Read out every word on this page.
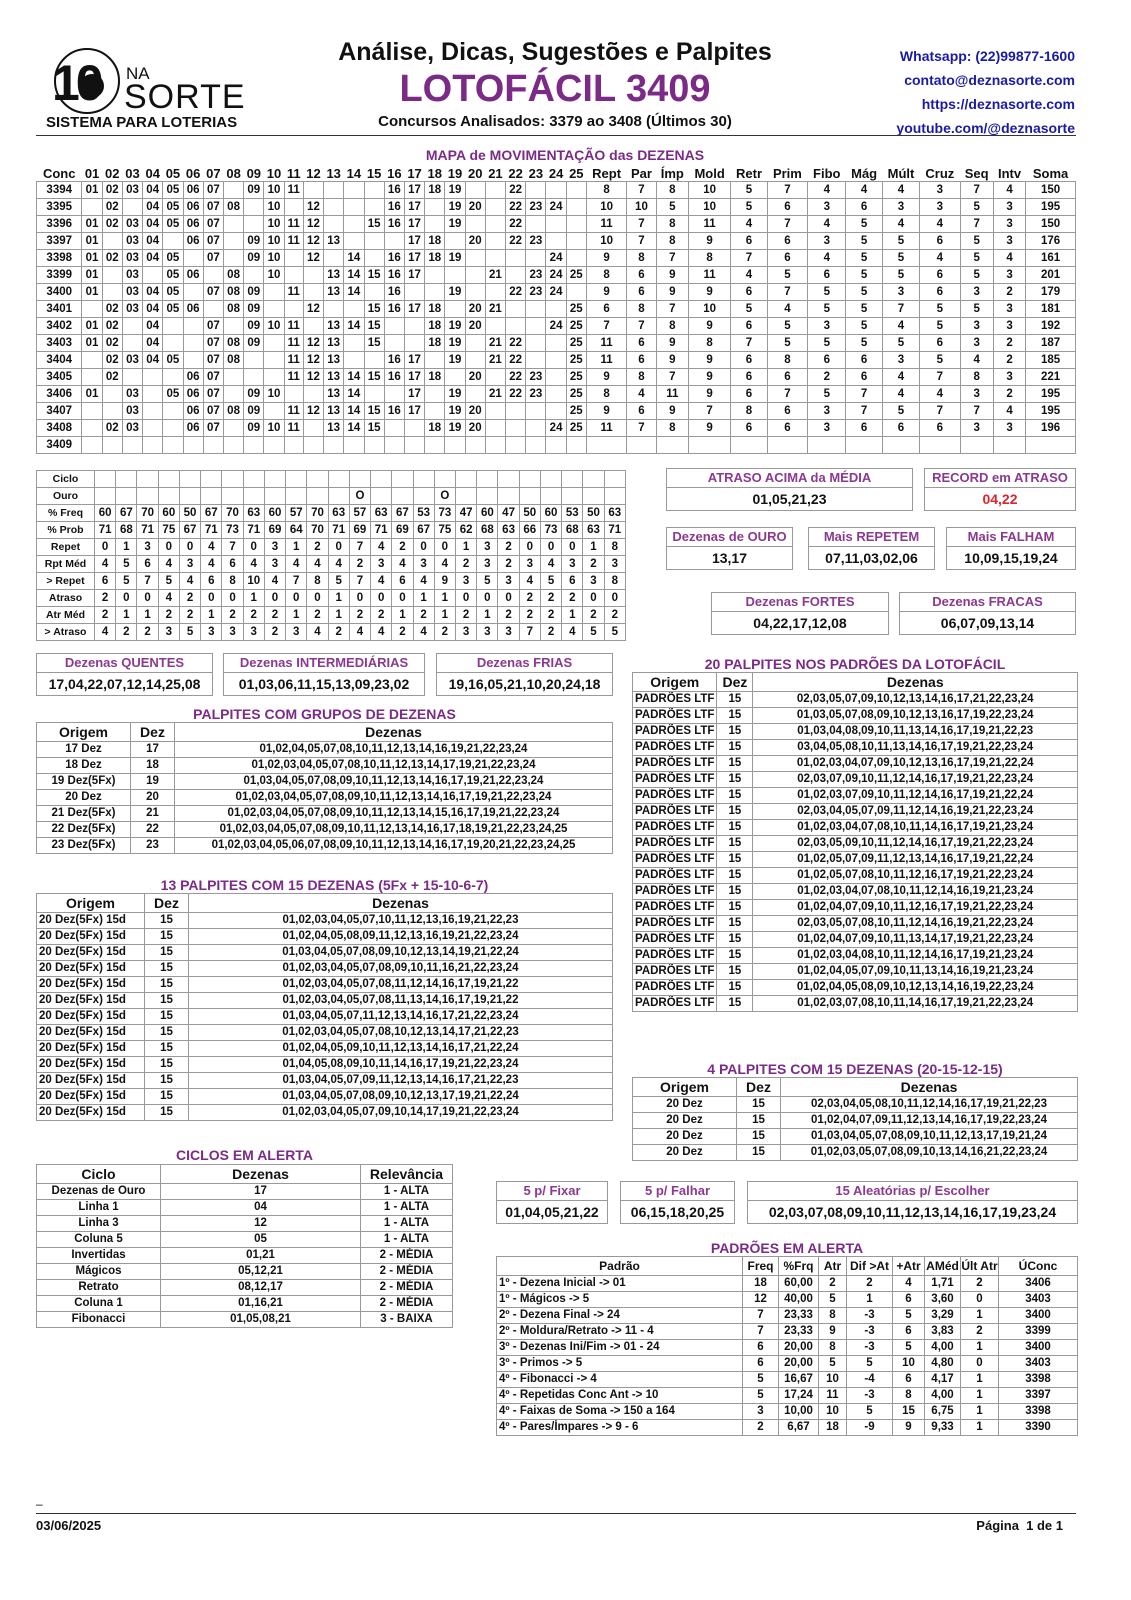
10 NA
SORTE
SISTEMA PARA LOTERIAS
Análise, Dicas, Sugestões e Palpites
LOTOFÁCIL 3409
Concursos Analisados: 3379 ao 3408 (Últimos 30)
Whatsapp: (22)99877-1600
contato@deznasorte.com
https://deznasorte.com
youtube.com/@deznasorte
MAPA de MOVIMENTAÇÃO das DEZENAS
Conc	01	02	03	04	05	06	07	08	09	10	11	12	13	14	15	16	17	18	19	20	21	22	23	24	25	Rept	Par	Ímp	Mold	Retr	Prim	Fibo	Mág	Múlt	Cruz	Seq	Intv	Soma
3394	01	02	03	04	05	06	07		09	10	11					16	17	18	19			22				8	7	8	10	5	7	4	4	4	3	7	4	150
3395		02		04	05	06	07	08		10		12				16	17		19	20		22	23	24		10	10	5	10	5	6	3	6	3	3	5	3	195
3396	01	02	03	04	05	06	07			10	11	12			15	16	17		19			22				11	7	8	11	4	7	4	5	4	4	7	3	150
3397	01		03	04		06	07		09	10	11	12	13				17	18		20		22	23			10	7	8	9	6	6	3	5	5	6	5	3	176
3398	01	02	03	04	05		07		09	10		12		14		16	17	18	19					24		9	8	7	8	7	6	4	5	5	4	5	4	161
3399	01		03		05	06		08		10			13	14	15	16	17				21		23	24	25	8	6	9	11	4	5	6	5	5	6	5	3	201
3400	01		03	04	05		07	08	09		11		13	14		16			19			22	23	24		9	6	9	9	6	7	5	5	3	6	3	2	179
3401		02	03	04	05	06		08	09			12			15	16	17	18		20	21				25	6	8	7	10	5	4	5	5	7	5	5	3	181
3402	01	02		04			07		09	10	11		13	14	15			18	19	20				24	25	7	7	8	9	6	5	3	5	4	5	3	3	192
3403	01	02		04			07	08	09		11	12	13		15			18	19		21	22			25	11	6	9	8	7	5	5	5	5	6	3	2	187
3404		02	03	04	05		07	08			11	12	13			16	17		19		21	22			25	11	6	9	9	6	8	6	6	3	5	4	2	185
3405		02				06	07				11	12	13	14	15	16	17	18		20		22	23		25	9	8	7	9	6	6	2	6	4	7	8	3	221
3406	01		03		05	06	07		09	10			13	14			17		19		21	22	23		25	8	4	11	9	6	7	5	7	4	4	3	2	195
3407			03			06	07	08	09		11	12	13	14	15	16	17		19	20					25	9	6	9	7	8	6	3	7	5	7	7	4	195
3408		02	03			06	07		09	10	11		13	14	15			18	19	20				24	25	11	7	8	9	6	6	3	6	6	6	3	3	196
3409																																						
Ciclo																									
Ouro													O				O								
% Freq	60	67	70	60	50	67	70	63	60	57	70	63	57	63	67	53	73	47	60	47	50	60	53	50	63
% Prob	71	68	71	75	67	71	73	71	69	64	70	71	69	71	69	67	75	62	68	63	66	73	68	63	71
Repet	0	1	3	0	0	4	7	0	3	1	2	0	7	4	2	0	0	1	3	2	0	0	0	1	8
Rpt Méd	4	5	6	4	3	4	6	4	3	4	4	4	2	3	4	3	4	2	3	2	3	4	3	2	3
> Repet	6	5	7	5	4	6	8	10	4	7	8	5	7	4	6	4	9	3	5	3	4	5	6	3	8
Atraso	2	0	0	4	2	0	0	1	0	0	0	1	0	0	0	1	1	0	0	0	2	2	2	0	0
Atr Méd	2	1	1	2	2	1	2	2	2	1	2	1	2	2	1	2	1	2	1	2	2	2	1	2	2
> Atraso	4	2	2	3	5	3	3	3	2	3	4	2	4	4	2	4	2	3	3	3	7	2	4	5	5
ATRASO ACIMA da MÉDIA
01,05,21,23
RECORD em ATRASO
04,22
Dezenas de OURO
13,17
Mais REPETEM
07,11,03,02,06
Mais FALHAM
10,09,15,19,24
Dezenas FORTES
04,22,17,12,08
Dezenas FRACAS
06,07,09,13,14
Dezenas QUENTES
17,04,22,07,12,14,25,08
Dezenas INTERMEDIÁRIAS
01,03,06,11,15,13,09,23,02
Dezenas FRIAS
19,16,05,21,10,20,24,18
PALPITES COM GRUPOS DE DEZENAS
Origem	Dez	Dezenas
17 Dez	17	01,02,04,05,07,08,10,11,12,13,14,16,19,21,22,23,24
18 Dez	18	01,02,03,04,05,07,08,10,11,12,13,14,17,19,21,22,23,24
19 Dez(5Fx)	19	01,03,04,05,07,08,09,10,11,12,13,14,16,17,19,21,22,23,24
20 Dez	20	01,02,03,04,05,07,08,09,10,11,12,13,14,16,17,19,21,22,23,24
21 Dez(5Fx)	21	01,02,03,04,05,07,08,09,10,11,12,13,14,15,16,17,19,21,22,23,24
22 Dez(5Fx)	22	01,02,03,04,05,07,08,09,10,11,12,13,14,16,17,18,19,21,22,23,24,25
23 Dez(5Fx)	23	01,02,03,04,05,06,07,08,09,10,11,12,13,14,16,17,19,20,21,22,23,24,25
13 PALPITES COM 15 DEZENAS (5Fx + 15-10-6-7)
Origem	Dez	Dezenas
20 Dez(5Fx) 15d	15	01,02,03,04,05,07,10,11,12,13,16,19,21,22,23
20 Dez(5Fx) 15d	15	01,02,04,05,08,09,11,12,13,16,19,21,22,23,24
20 Dez(5Fx) 15d	15	01,03,04,05,07,08,09,10,12,13,14,19,21,22,24
20 Dez(5Fx) 15d	15	01,02,03,04,05,07,08,09,10,11,16,21,22,23,24
20 Dez(5Fx) 15d	15	01,02,03,04,05,07,08,11,12,14,16,17,19,21,22
20 Dez(5Fx) 15d	15	01,02,03,04,05,07,08,11,13,14,16,17,19,21,22
20 Dez(5Fx) 15d	15	01,03,04,05,07,11,12,13,14,16,17,21,22,23,24
20 Dez(5Fx) 15d	15	01,02,03,04,05,07,08,10,12,13,14,17,21,22,23
20 Dez(5Fx) 15d	15	01,02,04,05,09,10,11,12,13,14,16,17,21,22,24
20 Dez(5Fx) 15d	15	01,04,05,08,09,10,11,14,16,17,19,21,22,23,24
20 Dez(5Fx) 15d	15	01,03,04,05,07,09,11,12,13,14,16,17,21,22,23
20 Dez(5Fx) 15d	15	01,03,04,05,07,08,09,10,12,13,17,19,21,22,24
20 Dez(5Fx) 15d	15	01,02,03,04,05,07,09,10,14,17,19,21,22,23,24
CICLOS EM ALERTA
Ciclo	Dezenas	Relevância
Dezenas de Ouro	17	1 - ALTA
Linha 1	04	1 - ALTA
Linha 3	12	1 - ALTA
Coluna 5	05	1 - ALTA
Invertidas	01,21	2 - MÉDIA
Mágicos	05,12,21	2 - MÉDIA
Retrato	08,12,17	2 - MÉDIA
Coluna 1	01,16,21	2 - MÉDIA
Fibonacci	01,05,08,21	3 - BAIXA
20 PALPITES NOS PADRÕES DA LOTOFÁCIL
Origem	Dez	Dezenas
PADRÕES LTF	15	02,03,05,07,09,10,12,13,14,16,17,21,22,23,24
PADRÕES LTF	15	01,03,05,07,08,09,10,12,13,16,17,19,22,23,24
PADRÕES LTF	15	01,03,04,08,09,10,11,13,14,16,17,19,21,22,23
PADRÕES LTF	15	03,04,05,08,10,11,13,14,16,17,19,21,22,23,24
PADRÕES LTF	15	01,02,03,04,07,09,10,12,13,16,17,19,21,22,24
PADRÕES LTF	15	02,03,07,09,10,11,12,14,16,17,19,21,22,23,24
PADRÕES LTF	15	01,02,03,07,09,10,11,12,14,16,17,19,21,22,24
PADRÕES LTF	15	02,03,04,05,07,09,11,12,14,16,19,21,22,23,24
PADRÕES LTF	15	01,02,03,04,07,08,10,11,14,16,17,19,21,23,24
PADRÕES LTF	15	02,03,05,09,10,11,12,14,16,17,19,21,22,23,24
PADRÕES LTF	15	01,02,05,07,09,11,12,13,14,16,17,19,21,22,24
PADRÕES LTF	15	01,02,05,07,08,10,11,12,16,17,19,21,22,23,24
PADRÕES LTF	15	01,02,03,04,07,08,10,11,12,14,16,19,21,23,24
PADRÕES LTF	15	01,02,04,07,09,10,11,12,16,17,19,21,22,23,24
PADRÕES LTF	15	02,03,05,07,08,10,11,12,14,16,19,21,22,23,24
PADRÕES LTF	15	01,02,04,07,09,10,11,13,14,17,19,21,22,23,24
PADRÕES LTF	15	01,02,03,04,08,10,11,12,14,16,17,19,21,23,24
PADRÕES LTF	15	01,02,04,05,07,09,10,11,13,14,16,19,21,23,24
PADRÕES LTF	15	01,02,04,05,08,09,10,12,13,14,16,19,22,23,24
PADRÕES LTF	15	01,02,03,07,08,10,11,14,16,17,19,21,22,23,24
4 PALPITES COM 15 DEZENAS (20-15-12-15)
Origem	Dez	Dezenas
20 Dez	15	02,03,04,05,08,10,11,12,14,16,17,19,21,22,23
20 Dez	15	01,02,04,07,09,11,12,13,14,16,17,19,22,23,24
20 Dez	15	01,03,04,05,07,08,09,10,11,12,13,17,19,21,24
20 Dez	15	01,02,03,05,07,08,09,10,13,14,16,21,22,23,24
5 p/ Fixar
01,04,05,21,22
5 p/ Falhar
06,15,18,20,25
15 Aleatórias p/ Escolher
02,03,07,08,09,10,11,12,13,14,16,17,19,23,24
PADRÕES EM ALERTA
Padrão	Freq	%Frq	Atr	Dif >At	+Atr	AMéd	Últ Atr	ÚConc
1º - Dezena Inicial -> 01	18	60,00	2	2	4	1,71	2	3406
1º - Mágicos -> 5	12	40,00	5	1	6	3,60	0	3403
2º - Dezena Final -> 24	7	23,33	8	-3	5	3,29	1	3400
2º - Moldura/Retrato -> 11 - 4	7	23,33	9	-3	6	3,83	2	3399
3º - Dezenas Ini/Fim -> 01 - 24	6	20,00	8	-3	5	4,00	1	3400
3º - Primos -> 5	6	20,00	5	5	10	4,80	0	3403
4º - Fibonacci -> 4	5	16,67	10	-4	6	4,17	1	3398
4º - Repetidas Conc Ant -> 10	5	17,24	11	-3	8	4,00	1	3397
4º - Faixas de Soma -> 150 a 164	3	10,00	10	5	15	6,75	1	3398
4º - Pares/Ímpares -> 9 - 6	2	6,67	18	-9	9	9,33	1	3390
–
03/06/2025	Página  1 de 1
